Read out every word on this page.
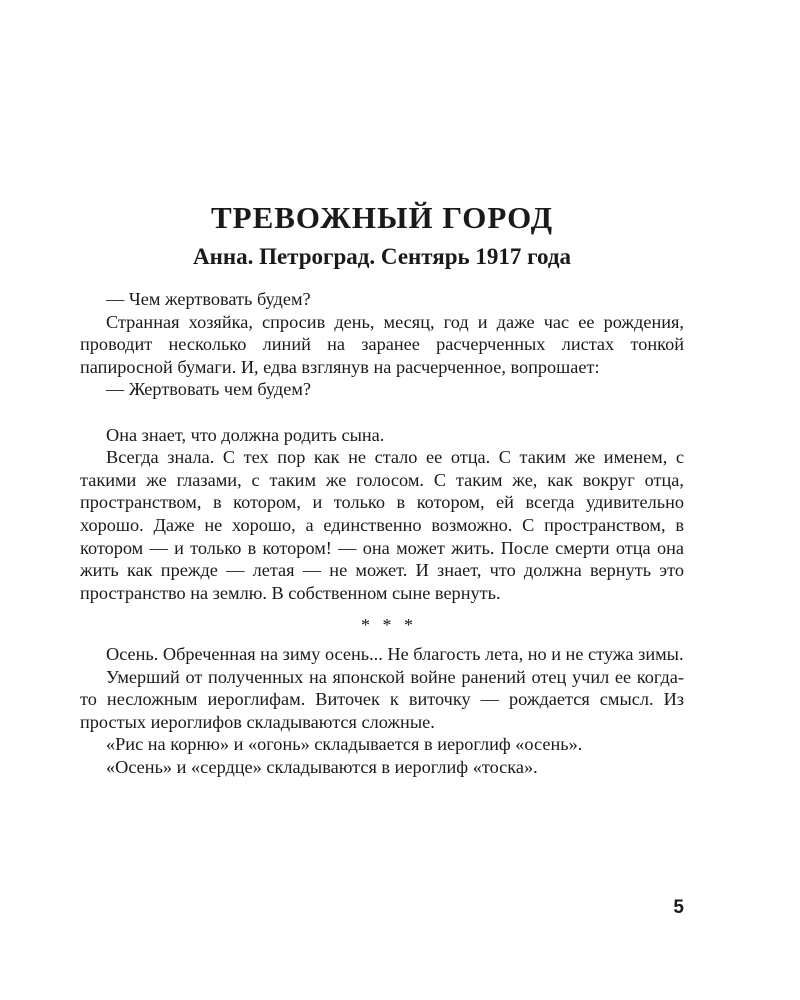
ТРЕВОЖНЫЙ ГОРОД
Анна. Петроград. Сентярь 1917 года

— Чем жертвовать будем?

Странная хозяйка, спросив день, месяц, год и даже час ее рождения, проводит несколько линий на заранее расчерченных листах тонкой папиросной бумаги. И, едва взглянув на расчерченное, вопрошает:

— Жертвовать чем будем?

Она знает, что должна родить сына.

Всегда знала. С тех пор как не стало ее отца. С таким же именем, с такими же глазами, с таким же голосом. С таким же, как вокруг отца, пространством, в котором, и только в котором, ей всегда удивительно хорошо. Даже не хорошо, а единственно возможно. С пространством, в котором — и только в котором! — она может жить. После смерти отца она жить как прежде — летая — не может. И знает, что должна вернуть это пространство на землю. В собственном сыне вернуть.

* * *

Осень. Обреченная на зиму осень... Не благость лета, но и не стужа зимы.

Умерший от полученных на японской войне ранений отец учил ее когда-то несложным иероглифам. Виточек к виточку — рождается смысл. Из простых иероглифов складываются сложные.

«Рис на корню» и «огонь» складывается в иероглиф «осень».

«Осень» и «сердце» складываются в иероглиф «тоска».

5
